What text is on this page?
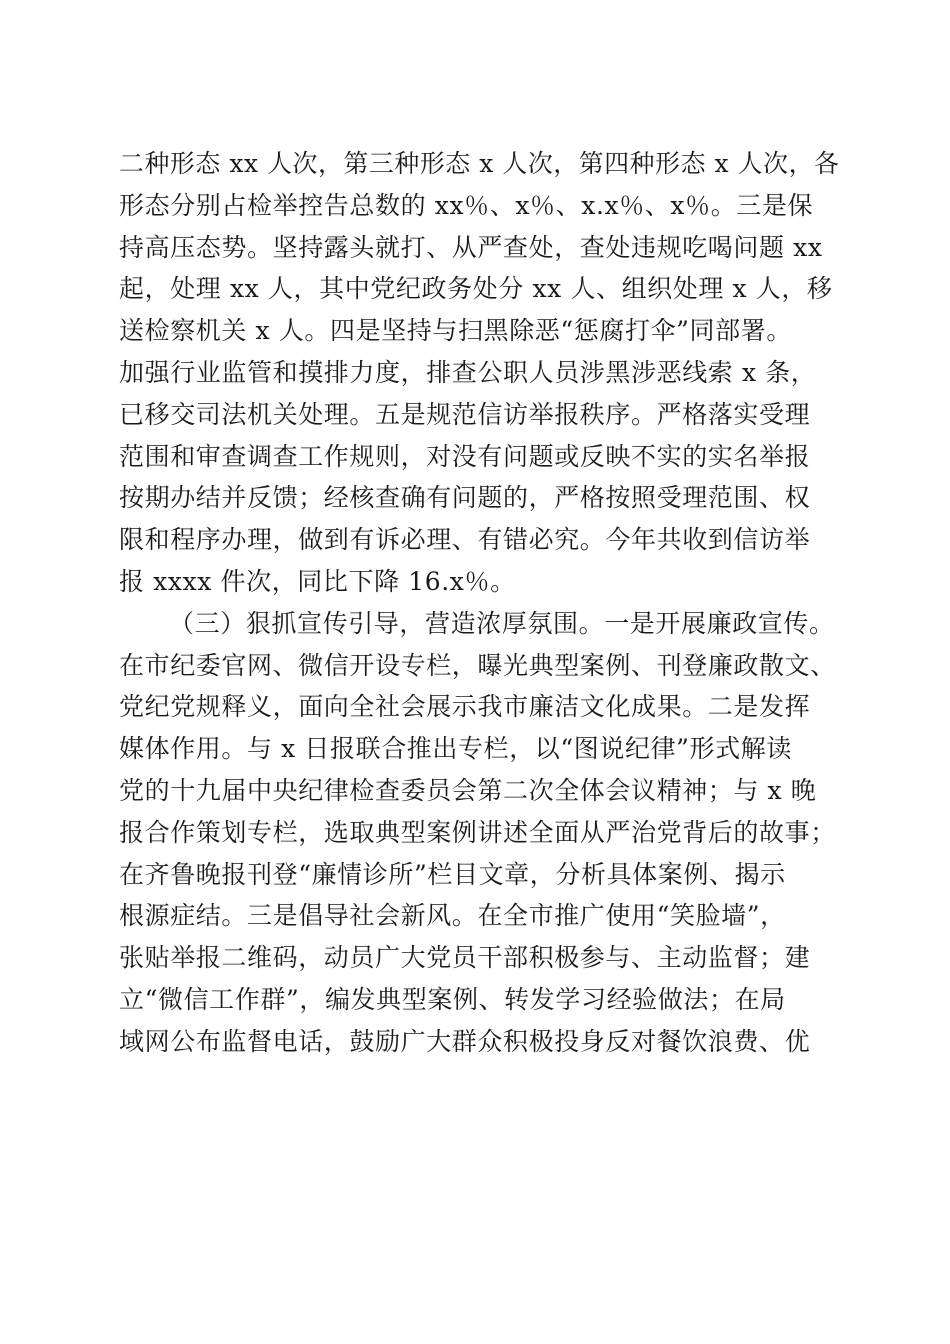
二种形态 xx 人次，第三种形态 x 人次，第四种形态 x 人次，各
形态分别占检举控告总数的 xx％、x％、x.x％、x％。三是保
持高压态势。坚持露头就打、从严查处，查处违规吃喝问题 xx
起，处理 xx 人，其中党纪政务处分 xx 人、组织处理 x 人，移
送检察机关 x 人。四是坚持与扫黑除恶“惩腐打伞”同部署。
加强行业监管和摸排力度，排查公职人员涉黑涉恶线索 x 条，
已移交司法机关处理。五是规范信访举报秩序。严格落实受理
范围和审查调查工作规则，对没有问题或反映不实的实名举报
按期办结并反馈；经核查确有问题的，严格按照受理范围、权
限和程序办理，做到有诉必理、有错必究。今年共收到信访举
报 xxxx 件次，同比下降 16.x％。
（三）狠抓宣传引导，营造浓厚氛围。一是开展廉政宣传。
在市纪委官网、微信开设专栏，曝光典型案例、刊登廉政散文、
党纪党规释义，面向全社会展示我市廉洁文化成果。二是发挥
媒体作用。与 x 日报联合推出专栏，以“图说纪律”形式解读
党的十九届中央纪律检查委员会第二次全体会议精神；与 x 晚
报合作策划专栏，选取典型案例讲述全面从严治党背后的故事；
在齐鲁晚报刊登“廉情诊所”栏目文章，分析具体案例、揭示
根源症结。三是倡导社会新风。在全市推广使用“笑脸墙”，
张贴举报二维码，动员广大党员干部积极参与、主动监督；建
立“微信工作群”，编发典型案例、转发学习经验做法；在局
域网公布监督电话，鼓励广大群众积极投身反对餐饮浪费、优
